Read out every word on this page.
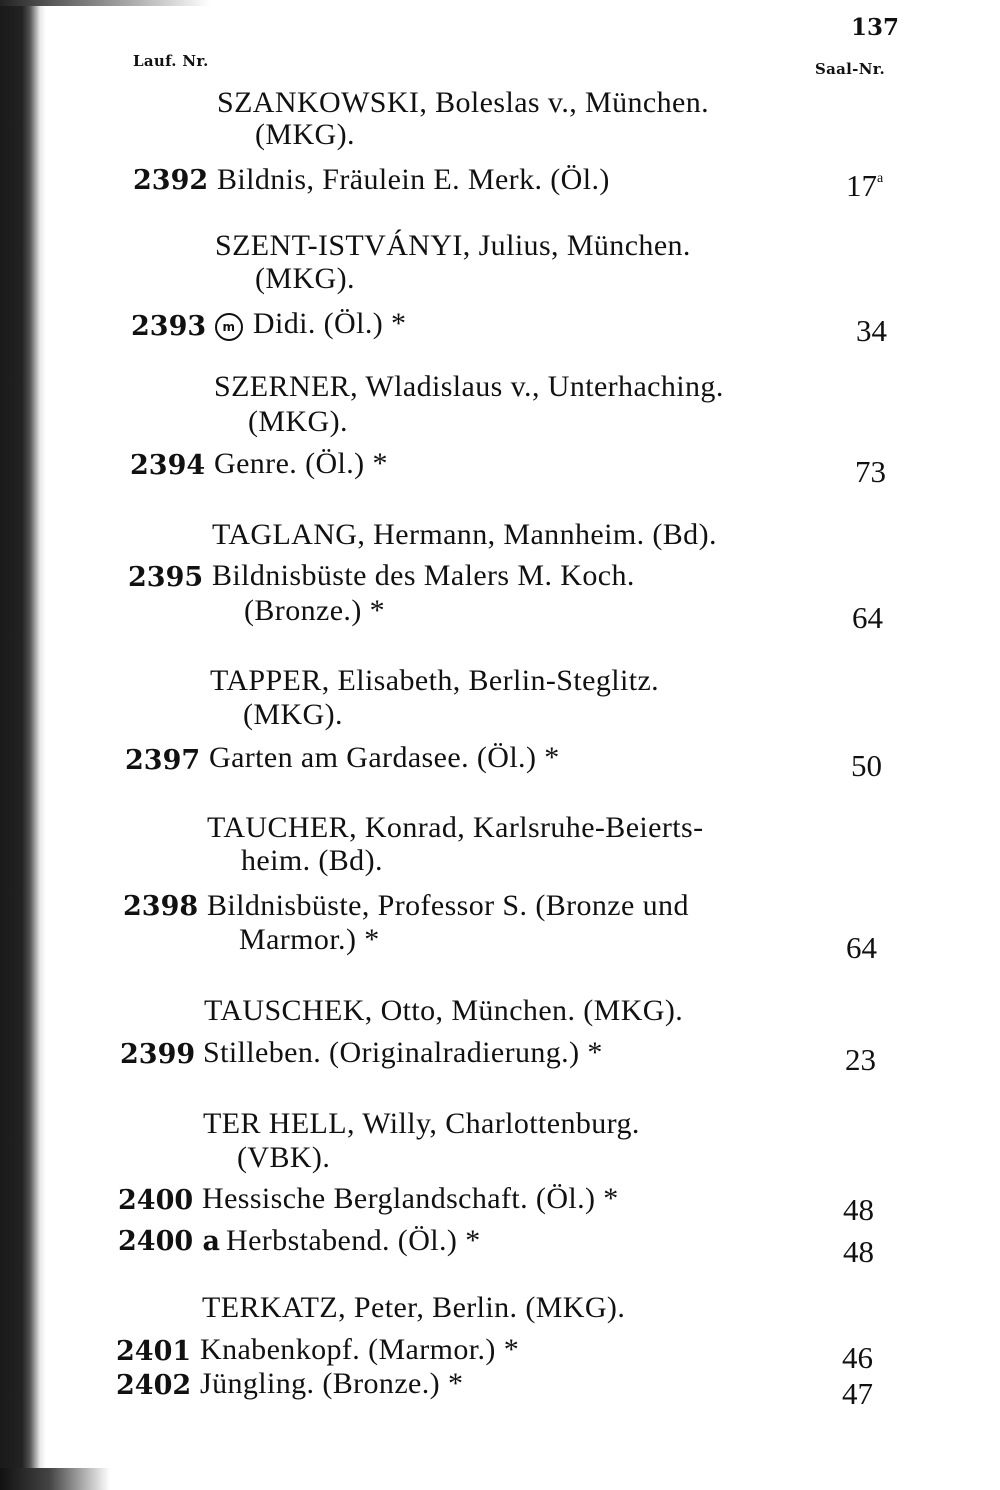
137
Lauf. Nr.	Saal-Nr.
SZANKOWSKI, Boleslas v., München.
(MKG).
2392 Bildnis, Fräulein E. Merk. (Öl.)	17$^a$
SZENT-ISTVÁNYI, Julius, München.
(MKG).
2393	m Didi. (Öl.) *	34
SZERNER, Wladislaus v., Unterhaching.
(MKG).
2394 Genre. (Öl.) *	73
TAGLANG, Hermann, Mannheim. (Bd).
2395 Bildnisbüste des Malers M. Koch.
(Bronze.) *	64
TAPPER, Elisabeth, Berlin-Steglitz.
(MKG).
2397 Garten am Gardasee. (Öl.) *	50
TAUCHER, Konrad, Karlsruhe-Beierts-
heim. (Bd).
2398 Bildnisbüste, Professor S. (Bronze und
Marmor.) *	64
TAUSCHEK, Otto, München. (MKG).
2399 Stilleben. (Originalradierung.) *	23
TER HELL, Willy, Charlottenburg.
(VBK).
2400 Hessische Berglandschaft. (Öl.) *	48
2400 a Herbstabend. (Öl.) *	48
TERKATZ, Peter, Berlin. (MKG).
2401 Knabenkopf. (Marmor.) *	46
2402 Jüngling. (Bronze.) *	47
